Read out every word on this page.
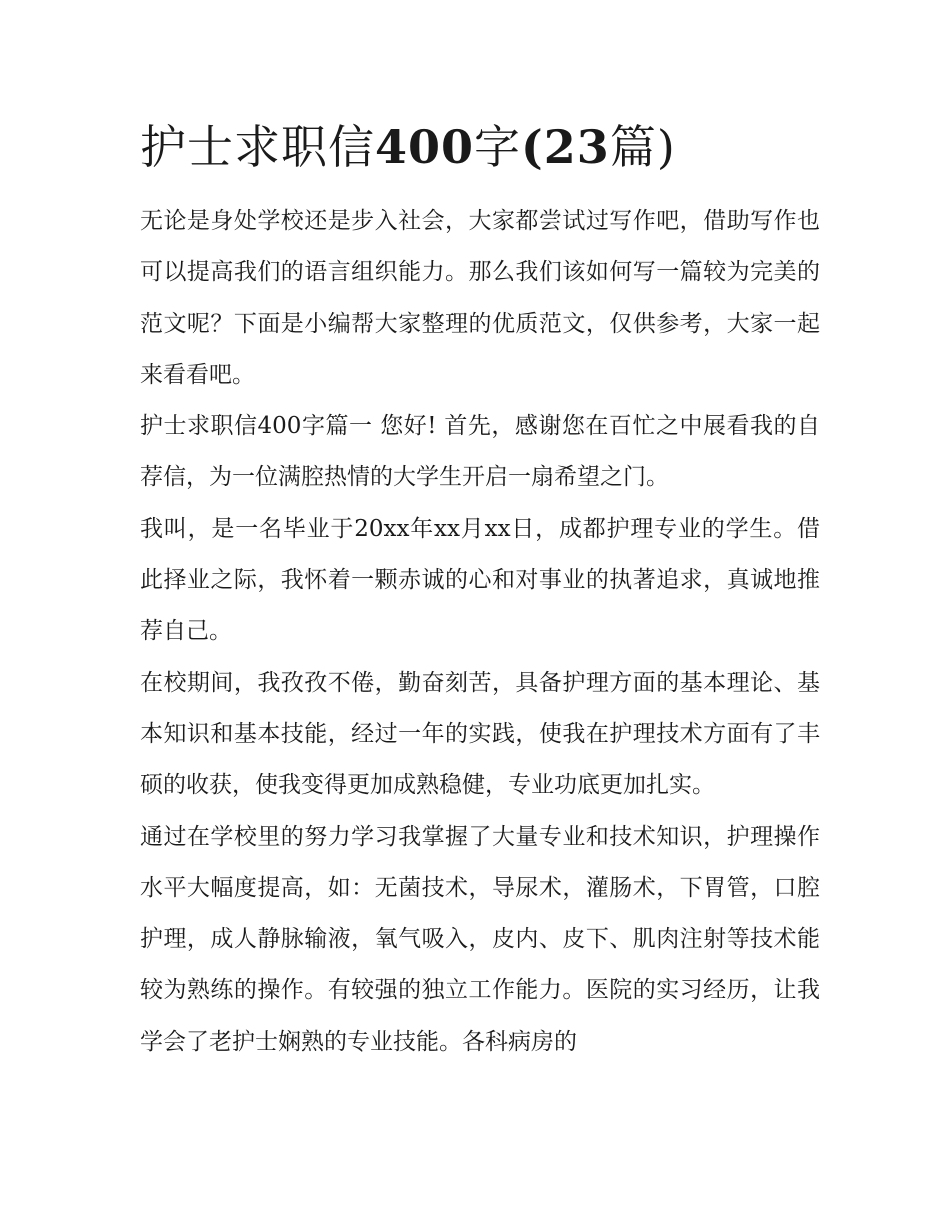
护士求职信400字(23篇)

无论是身处学校还是步入社会，大家都尝试过写作吧，借助写作也可以提高我们的语言组织能力。那么我们该如何写一篇较为完美的范文呢？下面是小编帮大家整理的优质范文，仅供参考，大家一起来看看吧。

护士求职信400字篇一 您好! 首先，感谢您在百忙之中展看我的自荐信，为一位满腔热情的大学生开启一扇希望之门。

我叫，是一名毕业于20xx年xx月xx日，成都护理专业的学生。借此择业之际，我怀着一颗赤诚的心和对事业的执著追求，真诚地推荐自己。

在校期间，我孜孜不倦，勤奋刻苦，具备护理方面的基本理论、基本知识和基本技能，经过一年的实践，使我在护理技术方面有了丰硕的收获，使我变得更加成熟稳健，专业功底更加扎实。

通过在学校里的努力学习我掌握了大量专业和技术知识，护理操作水平大幅度提高，如：无菌技术，导尿术，灌肠术，下胃管，口腔护理，成人静脉输液，氧气吸入，皮内、皮下、肌肉注射等技术能较为熟练的操作。有较强的独立工作能力。医院的实习经历，让我学会了老护士娴熟的专业技能。各科病房的
